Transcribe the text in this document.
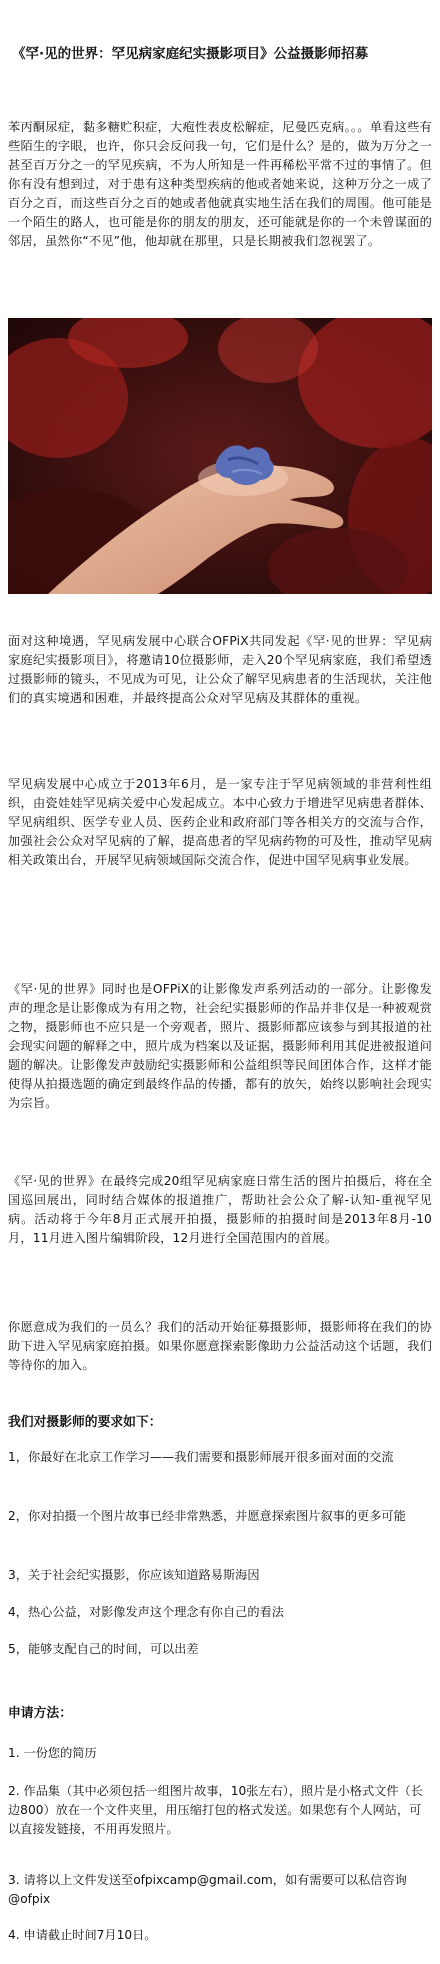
《罕·见的世界：罕见病家庭纪实摄影项目》公益摄影师招募
苯丙酮尿症，黏多糖贮积症，大疱性表皮松解症，尼曼匹克病。。。单看这些有些陌生的字眼，也许，你只会反问我一句，它们是什么？是的，做为万分之一甚至百万分之一的罕见疾病，不为人所知是一件再稀松平常不过的事情了。但你有没有想到过，对于患有这种类型疾病的他或者她来说，这种万分之一成了百分之百，而这些百分之百的她或者他就真实地生活在我们的周围。他可能是一个陌生的路人，也可能是你的朋友的朋友，还可能就是你的一个未曾谋面的邻居，虽然你“不见”他，他却就在那里，只是长期被我们忽视罢了。
面对这种境遇，罕见病发展中心联合OFPiX共同发起《罕·见的世界：罕见病家庭纪实摄影项目》，将邀请10位摄影师，走入20个罕见病家庭，我们希望透过摄影师的镜头，不见成为可见，让公众了解罕见病患者的生活现状，关注他们的真实境遇和困难，并最终提高公众对罕见病及其群体的重视。
罕见病发展中心成立于2013年6月，是一家专注于罕见病领域的非营利性组织，由瓷娃娃罕见病关爱中心发起成立。本中心致力于增进罕见病患者群体、罕见病组织、医学专业人员、医药企业和政府部门等各相关方的交流与合作，加强社会公众对罕见病的了解，提高患者的罕见病药物的可及性，推动罕见病相关政策出台，开展罕见病领域国际交流合作，促进中国罕见病事业发展。
《罕·见的世界》同时也是OFPiX的让影像发声系列活动的一部分。让影像发声的理念是让影像成为有用之物，社会纪实摄影师的作品并非仅是一种被观赏之物，摄影师也不应只是一个旁观者，照片、摄影师都应该参与到其报道的社会现实问题的解释之中，照片成为档案以及证据，摄影师利用其促进被报道问题的解决。让影像发声鼓励纪实摄影师和公益组织等民间团体合作，这样才能使得从拍摄选题的确定到最终作品的传播，都有的放矢，始终以影响社会现实为宗旨。
《罕·见的世界》在最终完成20组罕见病家庭日常生活的图片拍摄后，将在全国巡回展出，同时结合媒体的报道推广，帮助社会公众了解-认知-重视罕见病。活动将于今年8月正式展开拍摄，摄影师的拍摄时间是2013年8月-10月，11月进入图片编辑阶段，12月进行全国范围内的首展。
你愿意成为我们的一员么？我们的活动开始征募摄影师，摄影师将在我们的协助下进入罕见病家庭拍摄。如果你愿意探索影像助力公益活动这个话题，我们等待你的加入。
我们对摄影师的要求如下：
1，你最好在北京工作学习——我们需要和摄影师展开很多面对面的交流
2，你对拍摄一个图片故事已经非常熟悉，并愿意探索图片叙事的更多可能
3，关于社会纪实摄影，你应该知道路易斯海因
4，热心公益，对影像发声这个理念有你自己的看法
5，能够支配自己的时间，可以出差
申请方法：
1. 一份您的简历
2. 作品集（其中必须包括一组图片故事，10张左右），照片是小格式文件（长边800）放在一个文件夹里，用压缩打包的格式发送。如果您有个人网站，可以直接发链接，不用再发照片。
3. 请将以上文件发送至ofpixcamp@gmail.com，如有需要可以私信咨询 @ofpix
4. 申请截止时间7月10日。
